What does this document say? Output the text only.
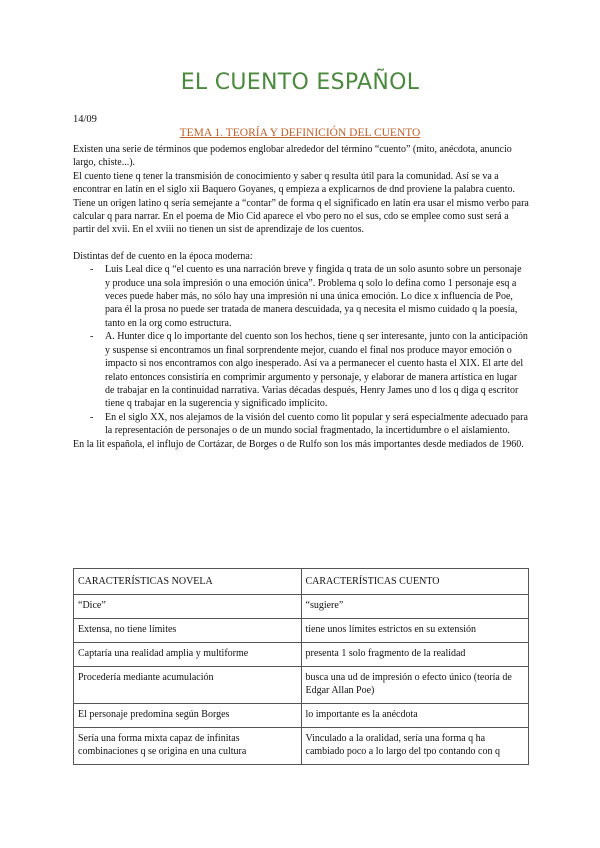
EL CUENTO ESPAÑOL
14/09
TEMA 1. TEORÍA Y DEFINICIÓN DEL CUENTO

Existen una serie de términos que podemos englobar alrededor del término “cuento” (mito, anécdota, anuncio largo, chiste...).

El cuento tiene q tener la transmisión de conocimiento y saber q resulta útil para la comunidad. Así se va a encontrar en latín en el siglo xii Baquero Goyanes, q empieza a explicarnos de dnd proviene la palabra cuento. Tiene un origen latino q sería semejante a “contar” de forma q el significado en latín era usar el mismo verbo para calcular q para narrar. En el poema de Mio Cid aparece el vbo pero no el sus, cdo se emplee como sust será a partir del xvii. En el xviii no tienen un sist de aprendizaje de los cuentos.

Distintas def de cuento en la época moderna:

- Luis Leal dice q “el cuento es una narración breve y fingida q trata de un solo asunto sobre un personaje y produce una sola impresión o una emoción única”. Problema q solo lo defina como 1 personaje esq a veces puede haber más, no sólo hay una impresión ni una única emoción. Lo dice x influencia de Poe, para él la prosa no puede ser tratada de manera descuidada, ya q necesita el mismo cuidado q la poesía, tanto en la org como estructura.
- A. Hunter dice q lo importante del cuento son los hechos, tiene q ser interesante, junto con la anticipación y suspense si encontramos un final sorprendente mejor, cuando el final nos produce mayor emoción o impacto si nos encontramos con algo inesperado. Así va a permanecer el cuento hasta el XIX. El arte del relato entonces consistiría en comprimir argumento y personaje, y elaborar de manera artística en lugar de trabajar en la continuidad narrativa. Varias décadas después, Henry James uno d los q diga q escritor tiene q trabajar en la sugerencia y significado implícito.
- En el siglo XX, nos alejamos de la visión del cuento como lit popular y será especialmente adecuado para la representación de personajes o de un mundo social fragmentado, la incertidumbre o el aislamiento.

En la lit española, el influjo de Cortázar, de Borges o de Rulfo son los más importantes desde mediados de 1960.

CARACTERÍSTICAS NOVELA	CARACTERÍSTICAS CUENTO
“Dice”	“sugiere”
Extensa, no tiene límites	tiene unos límites estrictos en su extensión
Captaría una realidad amplia y multiforme	presenta 1 solo fragmento de la realidad
Procedería mediante acumulación	busca una ud de impresión o efecto único (teoría de Edgar Allan Poe)
El personaje predomina según Borges	lo importante es la anécdota
Sería una forma mixta capaz de infinitas combinaciones q se origina en una cultura	Vinculado a la oralidad, sería una forma q ha cambiado poco a lo largo del tpo contando con q
